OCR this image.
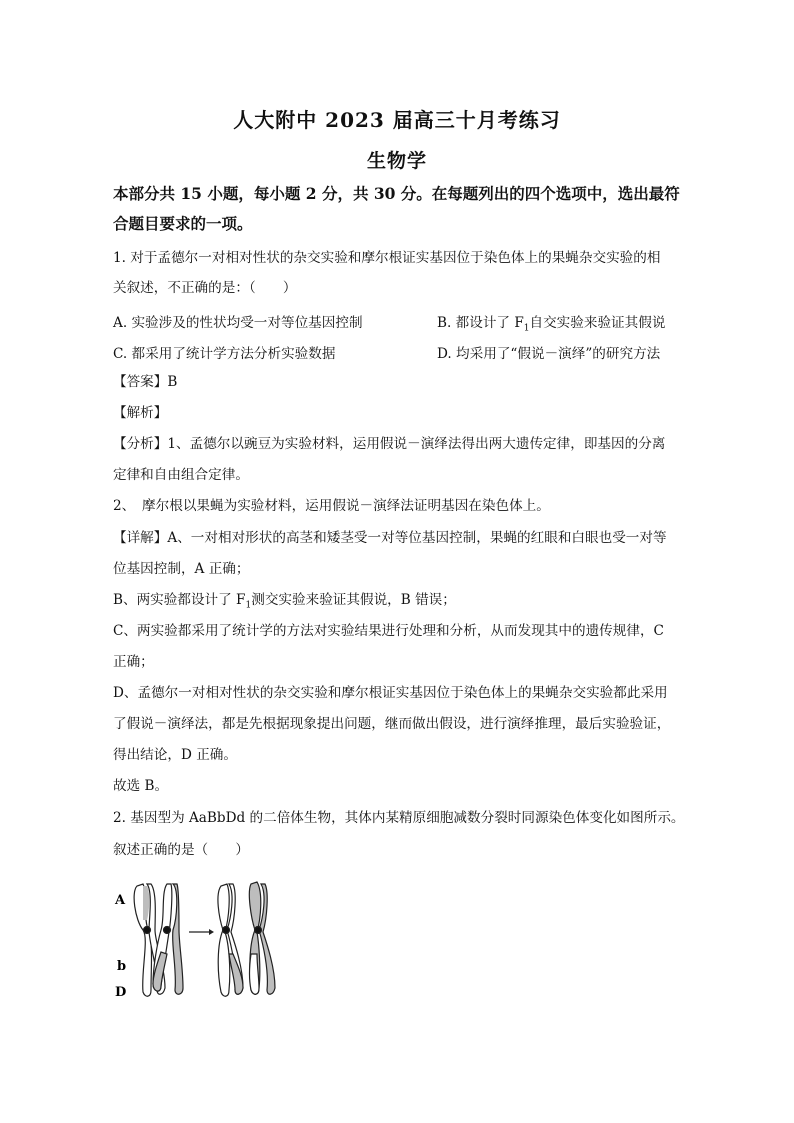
人大附中 2023 届高三十月考练习
生物学
本部分共 15 小题，每小题 2 分，共 30 分。在每题列出的四个选项中，选出最符
合题目要求的一项。
1. 对于孟德尔一对相对性状的杂交实验和摩尔根证实基因位于染色体上的果蝇杂交实验的相
关叙述，不正确的是：（　　）
A. 实验涉及的性状均受一对等位基因控制	B. 都设计了 $F_1$自交实验来验证其假说
C. 都采用了统计学方法分析实验数据	D. 均采用了“假说－演绎”的研究方法
【答案】B
【解析】
【分析】1、孟德尔以豌豆为实验材料，运用假说－演绎法得出两大遗传定律，即基因的分离
定律和自由组合定律。
2、　摩尔根以果蝇为实验材料，运用假说－演绎法证明基因在染色体上。
【详解】A、一对相对形状的高茎和矮茎受一对等位基因控制，果蝇的红眼和白眼也受一对等
位基因控制，A 正确；
B、两实验都设计了 $F_1$测交实验来验证其假说，B 错误；
C、两实验都采用了统计学的方法对实验结果进行处理和分析，从而发现其中的遗传规律，C
正确；
D、孟德尔一对相对性状的杂交实验和摩尔根证实基因位于染色体上的果蝇杂交实验都此采用
了假说－演绎法，都是先根据现象提出问题，继而做出假设，进行演绎推理，最后实验验证，
得出结论，D 正确。
故选 B。
2. 基因型为 AaBbDd 的二倍体生物，其体内某精原细胞减数分裂时同源染色体变化如图所示。
叙述正确的是（　　）
A
b
D
